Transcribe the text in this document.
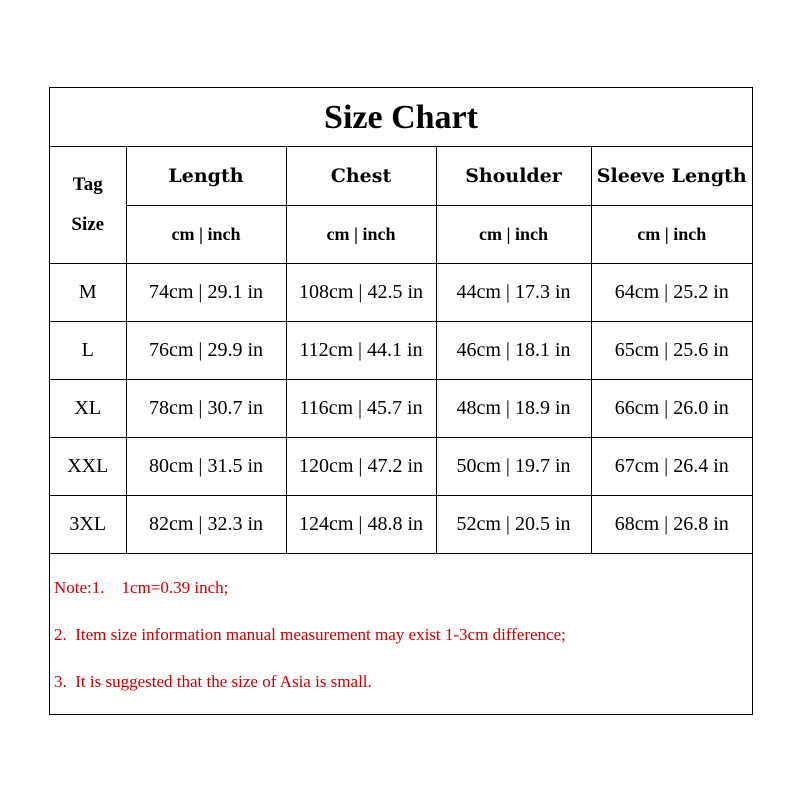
Size Chart
Tag
Size	Length	Chest	Shoulder	Sleeve Length
	cm | inch	cm | inch	cm | inch	cm | inch
M	74cm | 29.1 in	108cm | 42.5 in	44cm | 17.3 in	64cm | 25.2 in
L	76cm | 29.9 in	112cm | 44.1 in	46cm | 18.1 in	65cm | 25.6 in
XL	78cm | 30.7 in	116cm | 45.7 in	48cm | 18.9 in	66cm | 26.0 in
XXL	80cm | 31.5 in	120cm | 47.2 in	50cm | 19.7 in	67cm | 26.4 in
3XL	82cm | 32.3 in	124cm | 48.8 in	52cm | 20.5 in	68cm | 26.8 in
Note:1.    1cm=0.39 inch;
2.  Item size information manual measurement may exist 1-3cm difference;
3.  It is suggested that the size of Asia is small.
